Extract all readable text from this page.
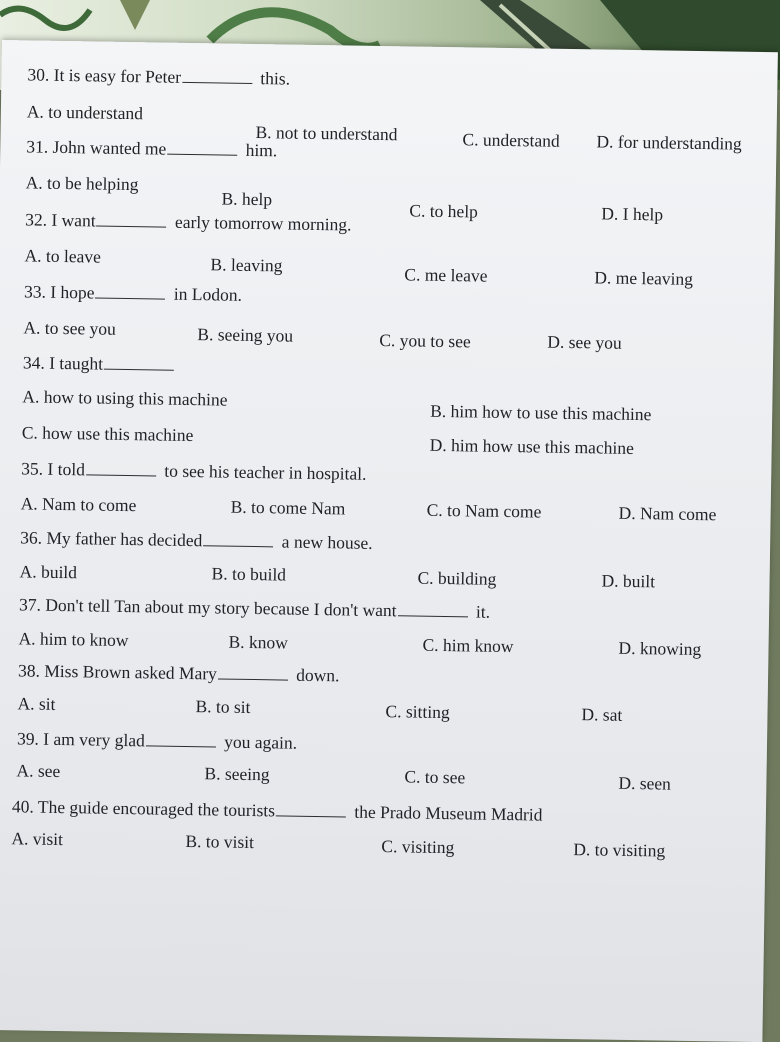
30. It is easy for Peter	this.
A. to understand
B. not to understand	C. understand D. for understanding
31. John wanted me	him.
A. to be helping
B. help
C. to help	D. I help
32. I want	early tomorrow morning.
A. to leave	B. leaving	C. me leave	D. me leaving
33. I hope	in Lodon.
A. to see you	B. seeing you	C. you to see	D. see you
34. I taught
A. how to using this machine
B. him how to use this machine
C. how use this machine
D. him how use this machine
35. I told	to see his teacher in hospital.
A. Nam to come	B. to come Nam	C. to Nam come	D. Nam come
36. My father has decided	a new house.
A. build	B. to build	C. building	D. built
37. Don't tell Tan about my story because I don't want	it.
A. him to know	B. know	C. him know	D. knowing
38. Miss Brown asked Mary	down.
A. sit	B. to sit	C. sitting	D. sat
39. I am very glad	you again.
A. see	B. seeing	C. to see	D. seen
40. The guide encouraged the tourists	the Prado Museum Madrid
A. visit	B. to visit	C. visiting	D. to visiting
